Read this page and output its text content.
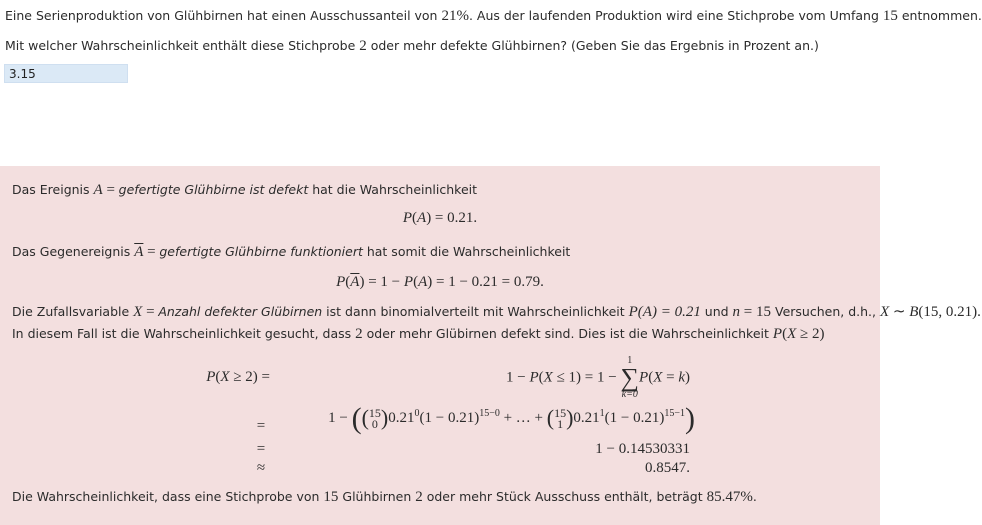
Eine Serienproduktion von Glühbirnen hat einen Ausschussanteil von 21%. Aus der laufenden Produktion wird eine Stichprobe vom Umfang 15 entnommen.
Mit welcher Wahrscheinlichkeit enthält diese Stichprobe 2 oder mehr defekte Glühbirnen? (Geben Sie das Ergebnis in Prozent an.)
3.15
Das Ereignis A = gefertigte Glühbirne ist defekt hat die Wahrscheinlichkeit
P(A) = 0.21.
Das Gegenereignis $\overline{A}$ = gefertigte Glühbirne funktioniert hat somit die Wahrscheinlichkeit
$P(\overline{A}) = 1 - P(A) = 1 - 0.21 = 0.79$.
Die Zufallsvariable X = Anzahl defekter Glübirnen ist dann binomialverteilt mit Wahrscheinlichkeit P(A) = 0.21 und n = 15 Versuchen, d.h., X ∼ B(15, 0.21).
In diesem Fall ist die Wahrscheinlichkeit gesucht, dass 2 oder mehr Glübirnen defekt sind. Dies ist die Wahrscheinlichkeit P(X ≥ 2)
P(X ≥ 2) =	1 − P(X ≤ 1) = 1 −
1
∑
k=0
P(X = k)
=	1 − ((15
0 )$0.21^0(1 - 0.21)^{15-0}$ + … + (15
1 )$0.21^1(1 - 0.21)^{15-1}$)
=	1 − 0.14530331
≈	0.8547.
Die Wahrscheinlichkeit, dass eine Stichprobe von 15 Glühbirnen 2 oder mehr Stück Ausschuss enthält, beträgt 85.47%.
